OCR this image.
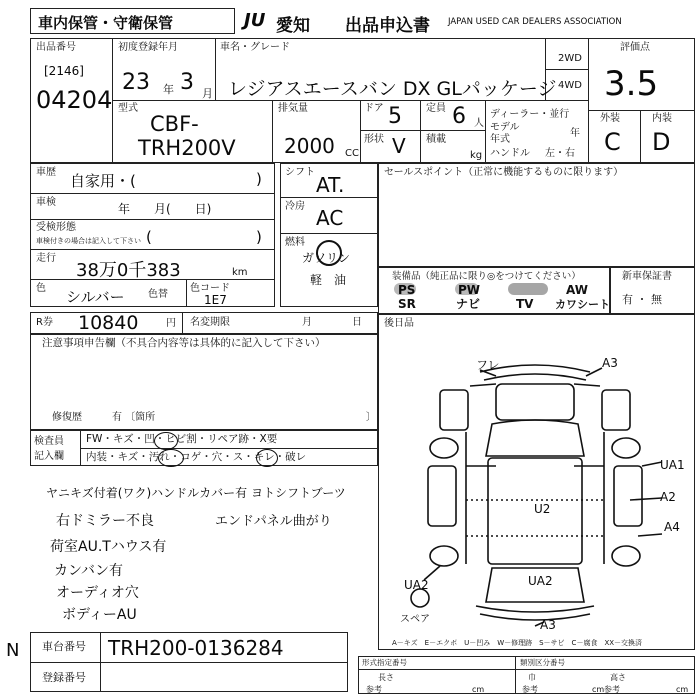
車内保管・守衛保管	JU 愛知 出品申込書 JAPAN USED CAR DEALERS ASSOCIATION
出品番号
[2146]
04204
初度登録年月
23 年 3 月
車名・グレード
レジアスエースバン DX GLパッケージ
2WD
4WD
評価点
3.5
型式
CBF-
TRH200V
排気量
2000 CC
ドア 5
形状 V
定員 6 人
積載
kg
ディーラー・並行
モデル
年式
年
ハンドル 左・右
外装	内装
C D
車歴 自家用・(	)
車検	年　　月(　　日)
受検形態
車検付きの場合は記入して下さい (	)
走行
38万0千383	km
色 シルバー 色替
色コード
1E7
シフト
AT.
冷房 AC
燃料
ガソリン
軽　油
セールスポイント（正常に機能するものに限ります）
装備品（純正品に限り◎をつけてください）
PS	PW	AW
SR	ナビ	TV カワシート
新車保証書
有 ・ 無
R券 10840	円 名変期限	月	日
注意事項申告欄（不具合内容等は具体的に記入して下さい）
修復歴	有 〔箇所	〕
後日品
検査員
記入欄
FW・キズ・凹・ヒビ割・リペア跡・X要
内装・キズ・汚れ・コゲ・穴・ス・キレ・破レ
ヤニキズ付着(ワク)ハンドルカバー有 ヨトシフトブーツ
右ドミラー不良	エンドパネル曲がり
荷室AU.Tハウス有
カンバン有
オーディオ穴
ボディーAU
フレ	A3
UA1
A2
A4
U2
UA2	UA2
A3
スペア
A－キズ　E－エクボ　U－凹み　W－修理跡　S－サビ　C－腐食　XX－交換済
車台番号 TRH200-0136284
登録番号
N
形式指定番号	類別区分番号
長さ
参考	cm
巾
参考	cm
高さ
参考	cm
